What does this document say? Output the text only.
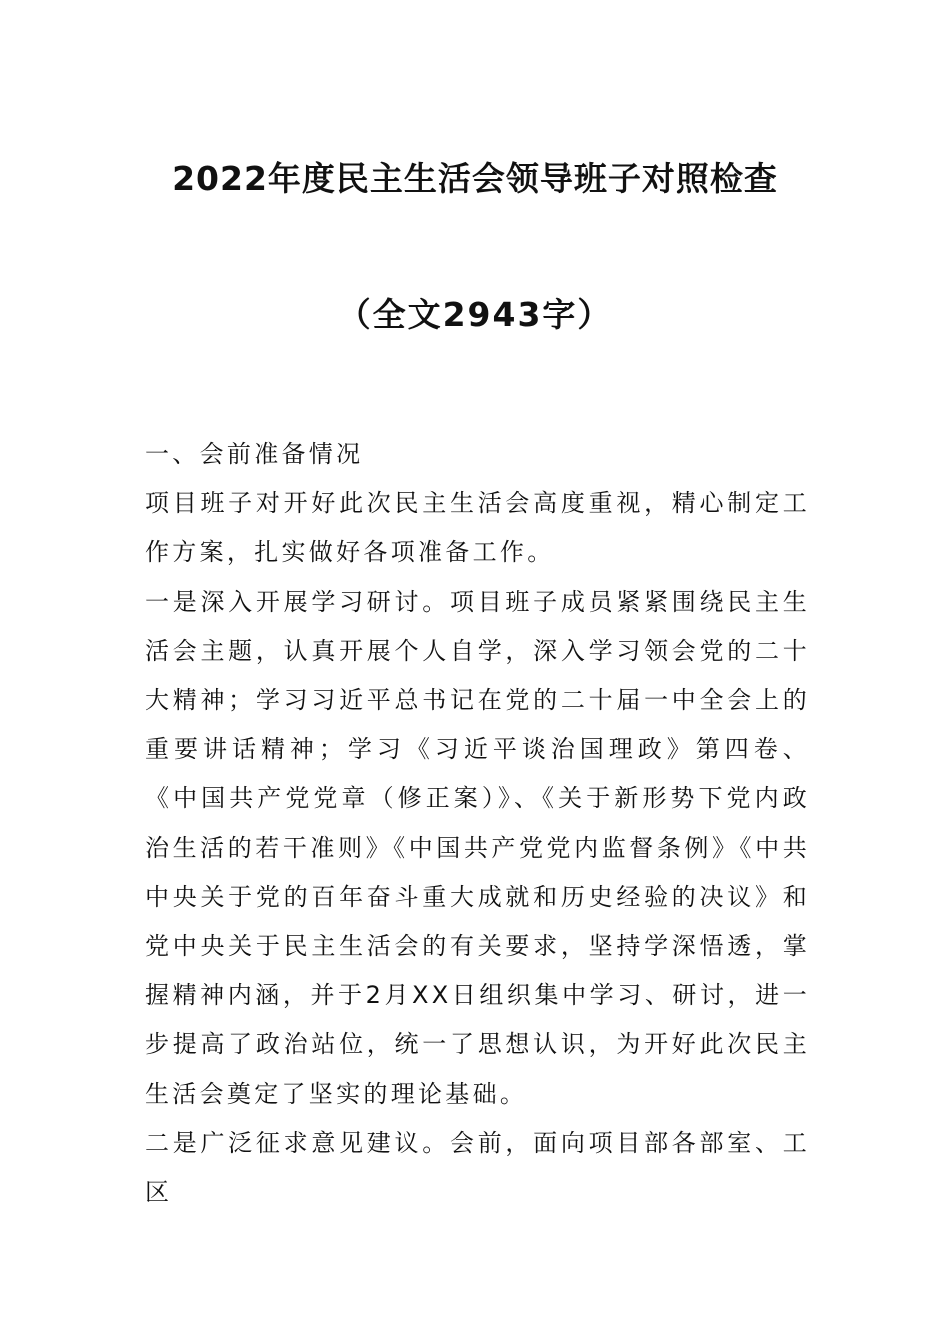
2022年度民主生活会领导班子对照检查
（全文2943字）

一、会前准备情况

项目班子对开好此次民主生活会高度重视，精心制定工作方案，扎实做好各项准备工作。

一是深入开展学习研讨。项目班子成员紧紧围绕民主生活会主题，认真开展个人自学，深入学习领会党的二十大精神；学习习近平总书记在党的二十届一中全会上的重要讲话精神；学习《习近平谈治国理政》第四卷、《中国共产党党章（修正案）》、《关于新形势下党内政治生活的若干准则》《中国共产党党内监督条例》《中共中央关于党的百年奋斗重大成就和历史经验的决议》和党中央关于民主生活会的有关要求，坚持学深悟透，掌握精神内涵，并于2月XX日组织集中学习、研讨，进一步提高了政治站位，统一了思想认识，为开好此次民主生活会奠定了坚实的理论基础。

二是广泛征求意见建议。会前，面向项目部各部室、工区
